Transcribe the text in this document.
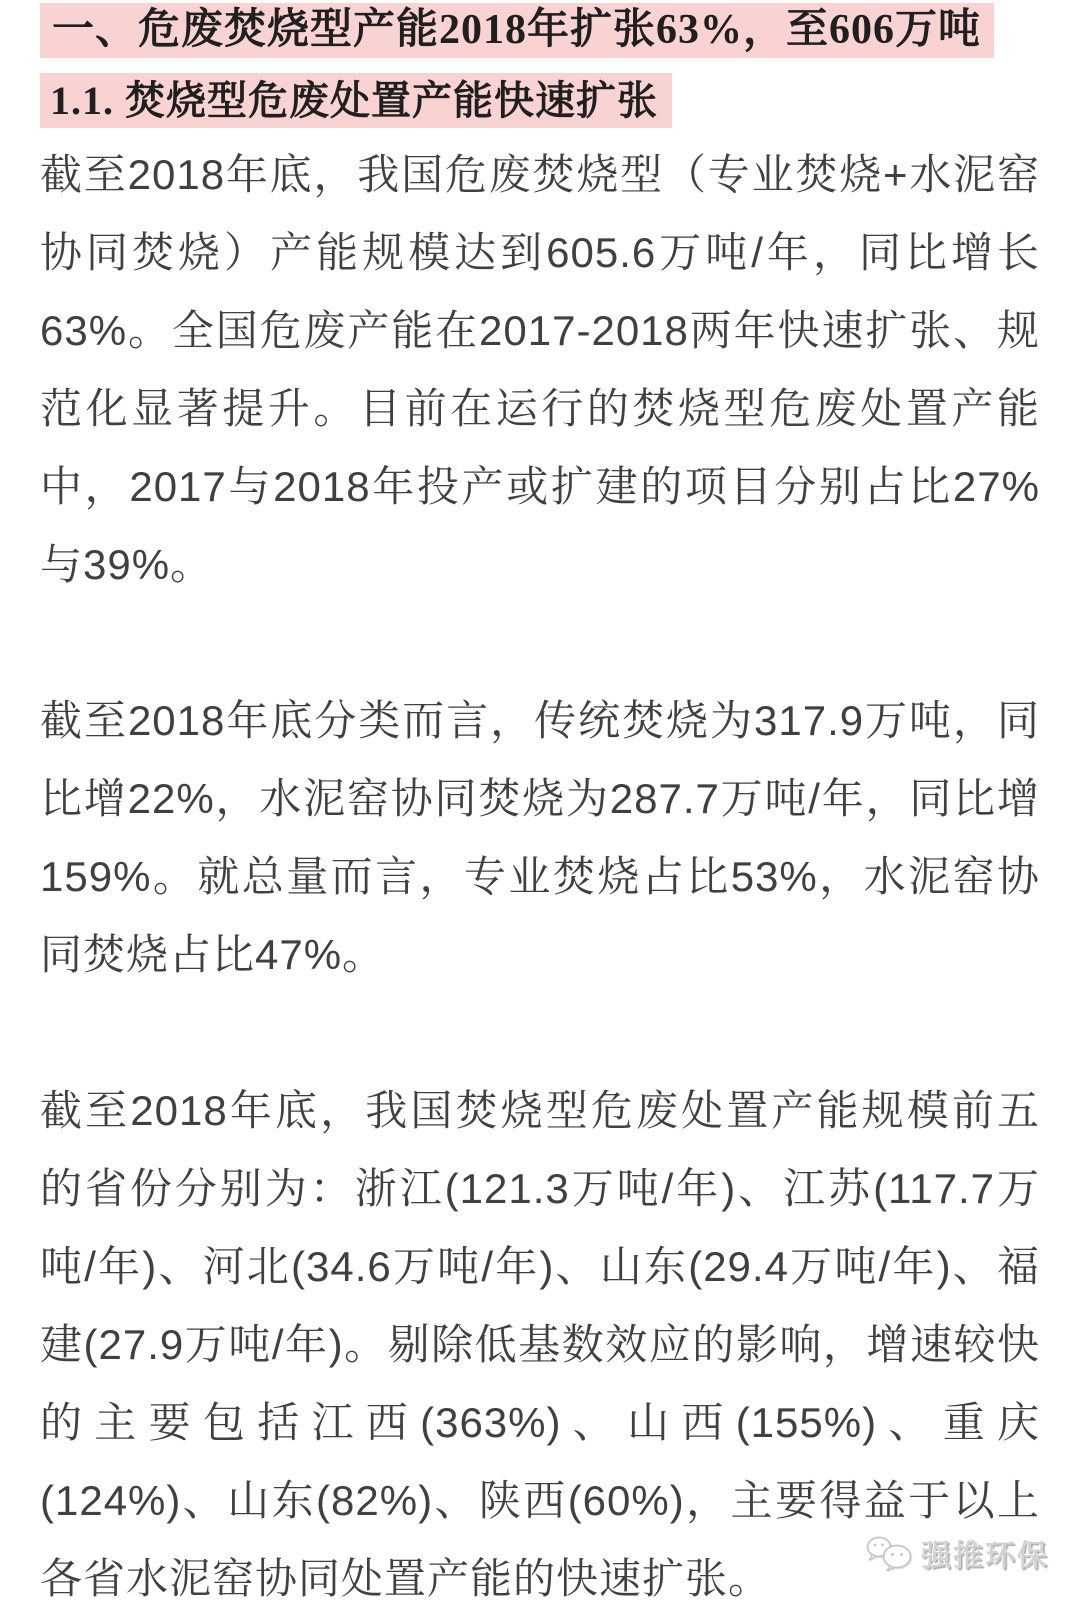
一、危废焚烧型产能2018年扩张63%，至606万吨
1.1. 焚烧型危废处置产能快速扩张

截至2018年底，我国危废焚烧型（专业焚烧+水泥窑协同焚烧）产能规模达到605.6万吨/年，同比增长63%。全国危废产能在2017-2018两年快速扩张、规范化显著提升。目前在运行的焚烧型危废处置产能中，2017与2018年投产或扩建的项目分别占比27%与39%。

截至2018年底分类而言，传统焚烧为317.9万吨，同比增22%，水泥窑协同焚烧为287.7万吨/年，同比增159%。就总量而言，专业焚烧占比53%，水泥窑协同焚烧占比47%。

截至2018年底，我国焚烧型危废处置产能规模前五的省份分别为：浙江(121.3万吨/年)、江苏(117.7万吨/年)、河北(34.6万吨/年)、山东(29.4万吨/年)、福建(27.9万吨/年)。剔除低基数效应的影响，增速较快的主要包括江西(363%)、山西(155%)、重庆(124%)、山东(82%)、陕西(60%)，主要得益于以上各省水泥窑协同处置产能的快速扩张。	强推环保
